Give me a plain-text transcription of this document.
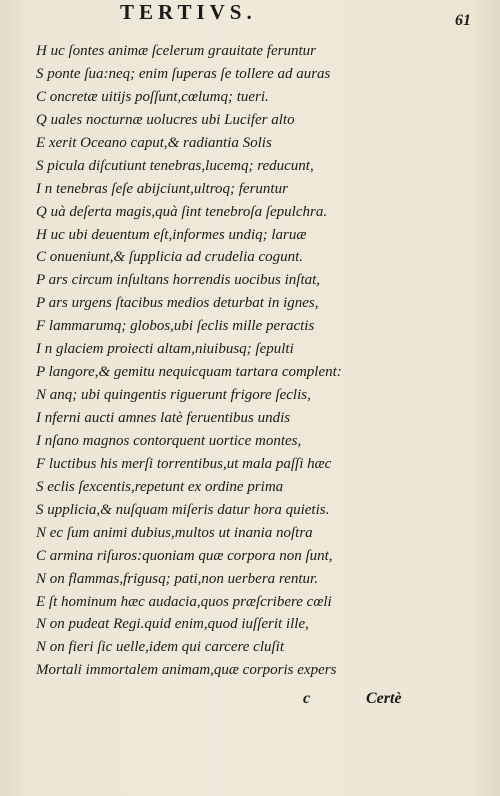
TERTIVS.	61
H uc ſontes animæ ſcelerum grauitate feruntur
S ponte ſua:neq; enim ſuperas ſe tollere ad auras
C oncretæ uitijs poſſunt,cœlumq; tueri.
Q uales nocturnæ uolucres ubi Lucifer alto
E xerit Oceano caput,& radiantia Solis
S picula diſcutiunt tenebras,lucemq; reducunt,
I n tenebras ſeſe abijciunt,ultroq; feruntur
Q uà deſerta magis,quà ſint tenebroſa ſepulchra.
H uc ubi deuentum eſt,informes undiq; laruæ
C onueniunt,& ſupplicia ad crudelia cogunt.
P ars circum inſultans horrendis uocibus inſtat,
P ars urgens ſtacibus medios deturbat in ignes,
F lammarumq; globos,ubi ſeclis mille peractis
I n glaciem proiecti altam,niuibusq; ſepulti
P langore,& gemitu nequicquam tartara complent:
N anq; ubi quingentis riguerunt frigore ſeclis,
I nferni aucti amnes latè feruentibus undis
I nſano magnos contorquent uortice montes,
F luctibus his merſi torrentibus,ut mala paſſi hæc
S eclis ſexcentis,repetunt ex ordine prima
S upplicia,& nuſquam miſeris datur hora quietis.
N ec ſum animi dubius,multos ut inania noſtra
C armina riſuros:quoniam quæ corpora non ſunt,
N on flammas,frigusq; pati,non uerbera rentur.
E ſt hominum hæc audacia,quos præſcribere cœli
N on pudeat Regi.quid enim,quod iuſſerit ille,
N on fieri ſic uelle,idem qui carcere cluſit
Mortali immortalem animam,quæ corporis expers
c	Certè
